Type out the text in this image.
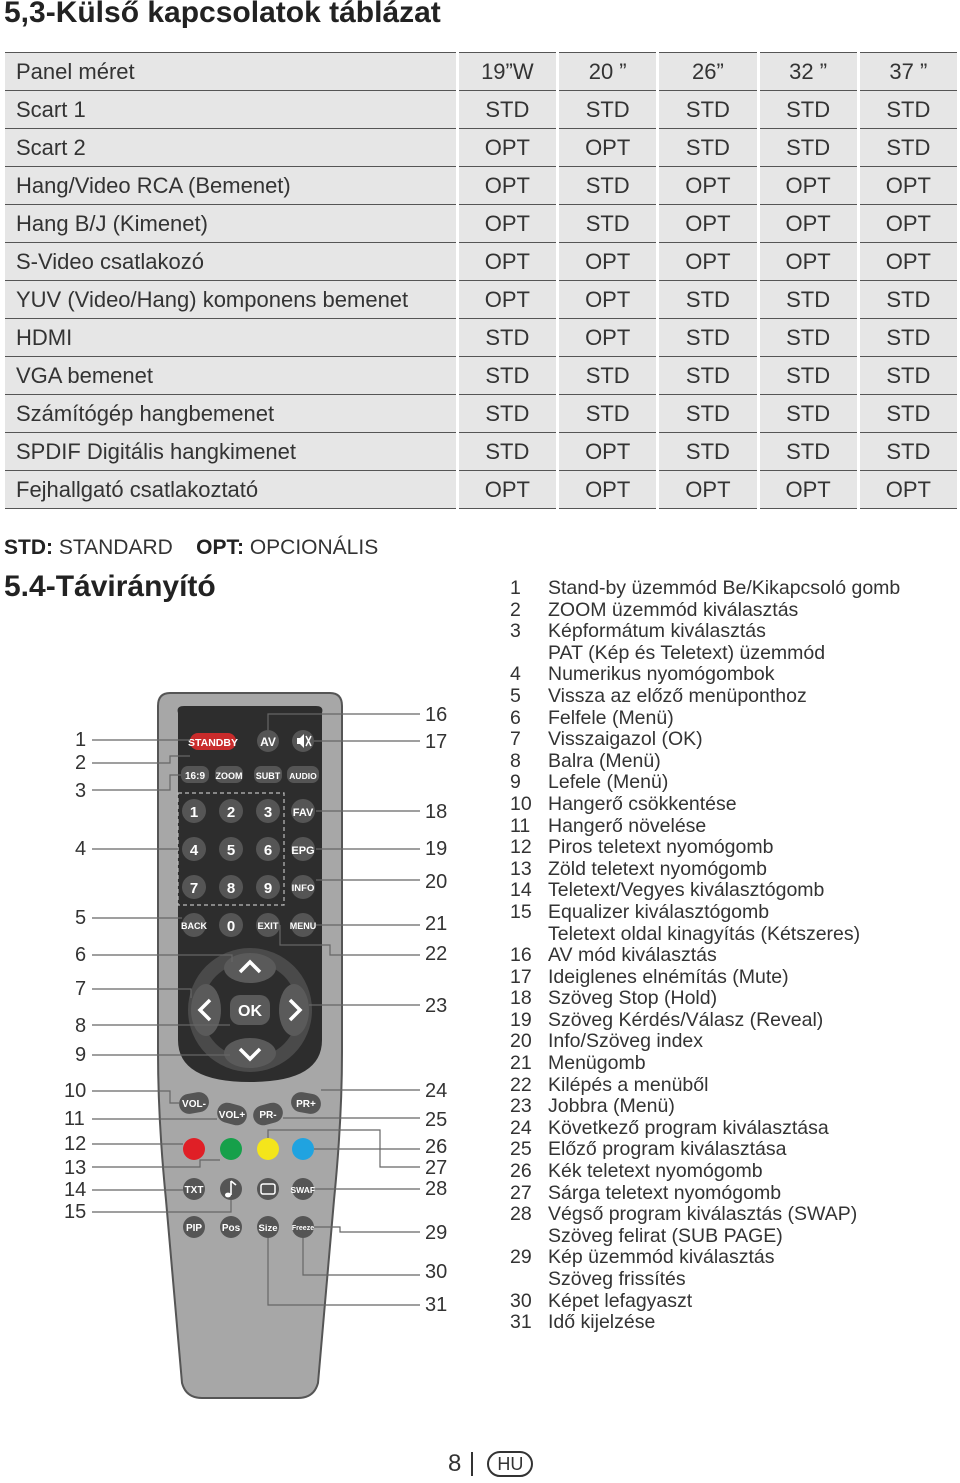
5,3-Külső kapcsolatok táblázat
Panel méret	19”W	20 ”	26”	32 ”	37 ”
Scart 1	STD	STD	STD	STD	STD
Scart 2	OPT	OPT	STD	STD	STD
Hang/Video RCA (Bemenet)	OPT	STD	OPT	OPT	OPT
Hang B/J (Kimenet)	OPT	STD	OPT	OPT	OPT
S-Video csatlakozó	OPT	OPT	OPT	OPT	OPT
YUV (Video/Hang) komponens bemenet	OPT	OPT	STD	STD	STD
HDMI	STD	OPT	STD	STD	STD
VGA bemenet	STD	STD	STD	STD	STD
Számítógép hangbemenet	STD	STD	STD	STD	STD
SPDIF Digitális hangkimenet	STD	OPT	STD	STD	STD
Fejhallgató csatlakoztató	OPT	OPT	OPT	OPT	OPT
STD: STANDARD OPT: OPCIONÁLIS
5.4-Távirányító
STANDBY AV
16:9 ZOOM SUBT AUDIO
1 2 3 FAV
4 5 6 EPG
7 8 9 INFO
BACK 0 EXIT MENU
OK
VOL-
VOL+ PR-
PR+
TXT	SWAP
PIP Pos Size Freeze
1
2
3
4
5
6
7
8
9
10
11
12
13
14
15
16
17
18
19
20
21
22
23
24
25
26
27
28
29
30
31
1	Stand-by üzemmód Be/Kikapcsoló gomb
2	ZOOM üzemmód kiválasztás
3	Képformátum kiválasztás
PAT (Kép és Teletext) üzemmód
4	Numerikus nyomógombok
5	Vissza az előző menüponthoz
6	Felfele (Menü)
7	Visszaigazol (OK)
8	Balra (Menü)
9	Lefele (Menü)
10 Hangerő csökkentése
11 Hangerő növelése
12 Piros teletext nyomógomb
13 Zöld teletext nyomógomb
14 Teletext/Vegyes kiválasztógomb
15 Equalizer kiválasztógomb
Teletext oldal kinagyítás (Kétszeres)
16 AV mód kiválasztás
17 Ideiglenes elnémítás (Mute)
18 Szöveg Stop (Hold)
19 Szöveg Kérdés/Válasz (Reveal)
20 Info/Szöveg index
21 Menügomb
22 Kilépés a menüből
23 Jobbra (Menü)
24 Következő program kiválasztása
25 Előző program kiválasztása
26 Kék teletext nyomógomb
27 Sárga teletext nyomógomb
28 Végső program kiválasztás (SWAP)
Szöveg felirat (SUB PAGE)
29 Kép üzemmód kiválasztás
Szöveg frissítés
30 Képet lefagyaszt
31 Idő kijelzése
8	HU
